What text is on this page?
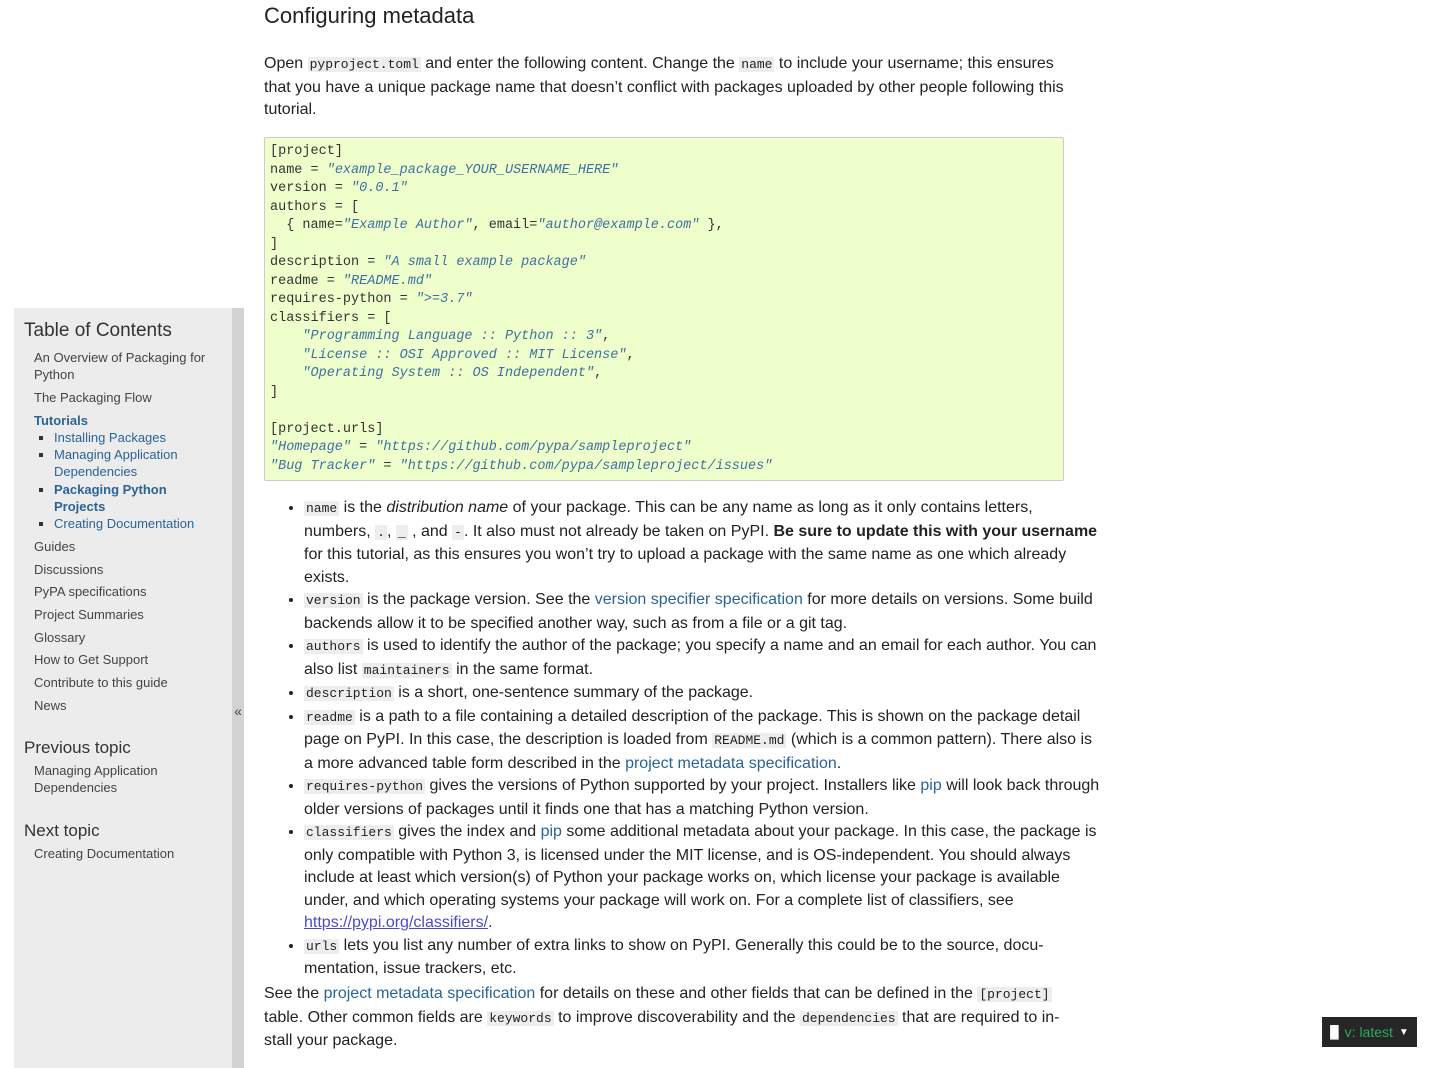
Table of Contents
An Overview of Packaging for Python
The Packaging Flow
Tutorials
Installing Packages
Managing Application Dependencies
Packaging Python Projects
Creating Documentation
Guides
Discussions
PyPA specifications
Project Summaries
Glossary
How to Get Support
Contribute to this guide
News
Previous topic
Managing Application Dependencies
Next topic
Creating Documentation
«
Configuring metadata

Open pyproject.toml and enter the following content. Change the name to include your username; this ensures that you have a unique package name that doesn’t conflict with packages uploaded by other people following this tutorial.

[project]
name = "example_package_YOUR_USERNAME_HERE"
version = "0.0.1"
authors = [
{ name="Example Author", email="author@example.com" },
]
description = "A small example package"
readme = "README.md"
requires-python = ">=3.7"
classifiers = [
"Programming Language :: Python :: 3",
"License :: OSI Approved :: MIT License",
"Operating System :: OS Independent",
]
[project.urls]
"Homepage" = "https://github.com/pypa/sampleproject"
"Bug Tracker" = "https://github.com/pypa/sampleproject/issues"
• name is the distribution name of your package. This can be any name as long as it only contains letters, numbers, . , _ , and - . It also must not already be taken on PyPI. Be sure to update this with your username for this tutorial, as this ensures you won’t try to upload a package with the same name as one which already exists.
• version is the package version. See the version specifier specification for more details on versions. Some build backends allow it to be specified another way, such as from a file or a git tag.
• authors is used to identify the author of the package; you specify a name and an email for each author. You can also list maintainers in the same format.
• description is a short, one-sentence summary of the package.
• readme is a path to a file containing a detailed description of the package. This is shown on the package detail page on PyPI. In this case, the description is loaded from README.md (which is a common pattern). There also is a more advanced table form described in the project metadata specification.
• requires-python gives the versions of Python supported by your project. Installers like pip will look back through older versions of packages until it finds one that has a matching Python version.
• classifiers gives the index and pip some additional metadata about your package. In this case, the package is only compatible with Python 3, is licensed under the MIT license, and is OS-independent. You should always include at least which version(s) of Python your package works on, which license your package is available under, and which operating systems your package will work on. For a complete list of classifiers, see https://pypi.org/classifiers/.
• urls lets you list any number of extra links to show on PyPI. Generally this could be to the source, documentation, issue trackers, etc.

See the project metadata specification for details on these and other fields that can be defined in the [project] table. Other common fields are keywords to improve discoverability and the dependencies that are required to install your package.	█ v: latest ▼
